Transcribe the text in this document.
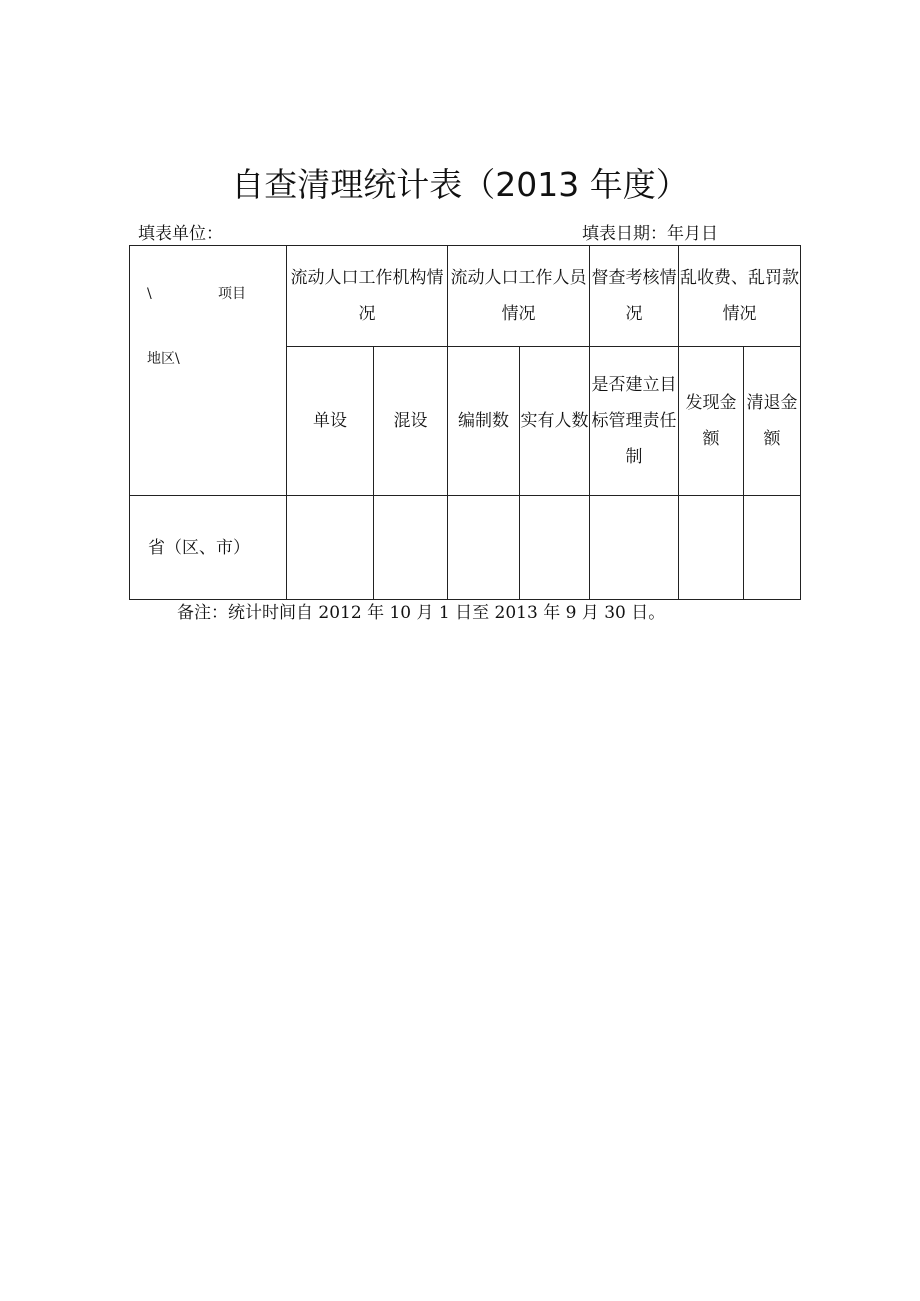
自查清理统计表（2013 年度）
填表单位：	填表日期：年月日
\ 项目
地区\	流动人口工作机构情况		流动人口工作人员情况		督查考核情况	乱收费、乱罚款情况	
	单设	混设	编制数	实有人数	是否建立目标管理责任制	发现金额	清退金额
省（区、市）							
备注：统计时间自 2012 年 10 月 1 日至 2013 年 9 月 30 日。
